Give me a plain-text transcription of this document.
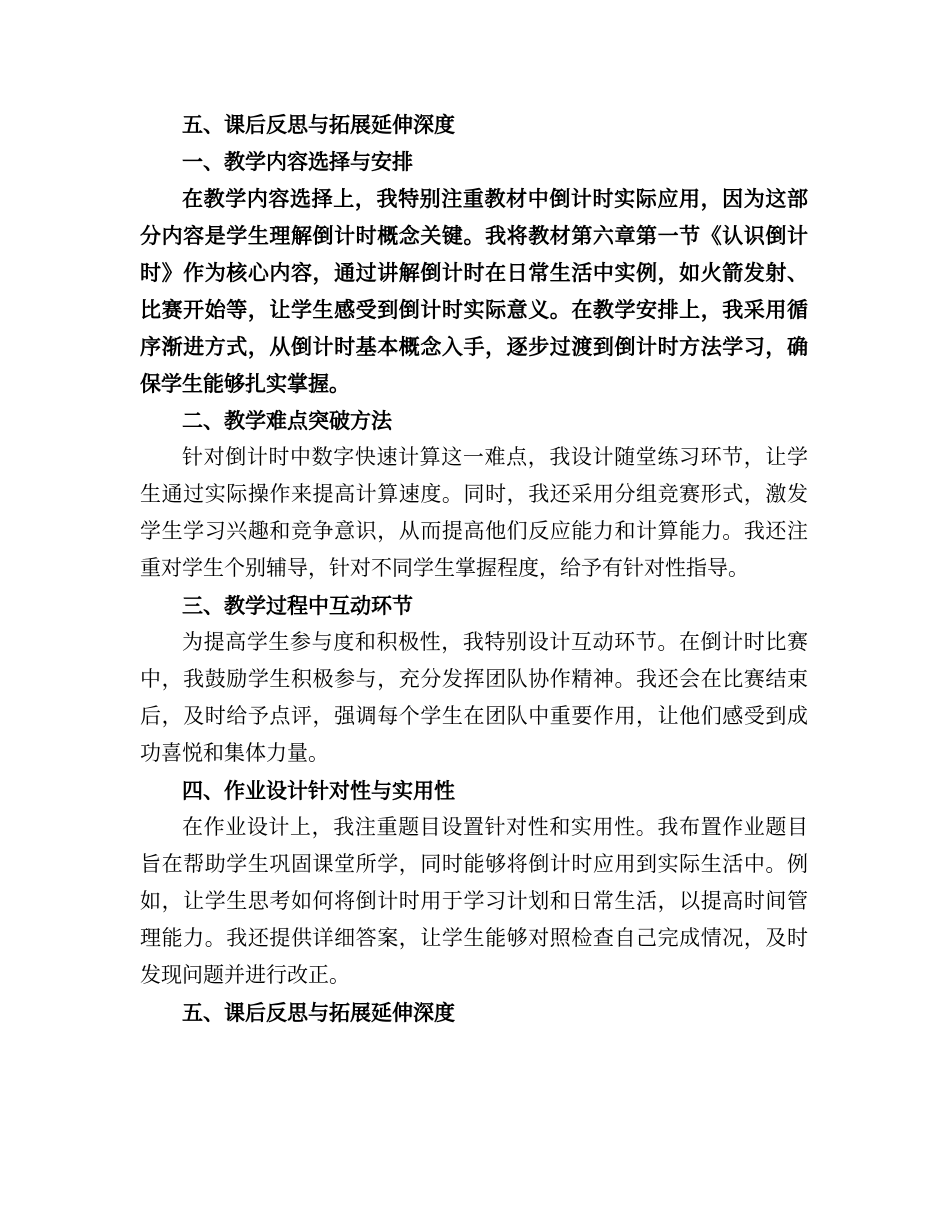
五、课后反思与拓展延伸深度

一、教学内容选择与安排

在教学内容选择上，我特别注重教材中倒计时实际应用，因为这部分内容是学生理解倒计时概念关键。我将教材第六章第一节《认识倒计时》作为核心内容，通过讲解倒计时在日常生活中实例，如火箭发射、比赛开始等，让学生感受到倒计时实际意义。在教学安排上，我采用循序渐进方式，从倒计时基本概念入手，逐步过渡到倒计时方法学习，确保学生能够扎实掌握。

二、教学难点突破方法

针对倒计时中数字快速计算这一难点，我设计随堂练习环节，让学生通过实际操作来提高计算速度。同时，我还采用分组竞赛形式，激发学生学习兴趣和竞争意识，从而提高他们反应能力和计算能力。我还注重对学生个别辅导，针对不同学生掌握程度，给予有针对性指导。

三、教学过程中互动环节

为提高学生参与度和积极性，我特别设计互动环节。在倒计时比赛中，我鼓励学生积极参与，充分发挥团队协作精神。我还会在比赛结束后，及时给予点评，强调每个学生在团队中重要作用，让他们感受到成功喜悦和集体力量。

四、作业设计针对性与实用性

在作业设计上，我注重题目设置针对性和实用性。我布置作业题目旨在帮助学生巩固课堂所学，同时能够将倒计时应用到实际生活中。例如，让学生思考如何将倒计时用于学习计划和日常生活，以提高时间管理能力。我还提供详细答案，让学生能够对照检查自己完成情况，及时发现问题并进行改正。

五、课后反思与拓展延伸深度
